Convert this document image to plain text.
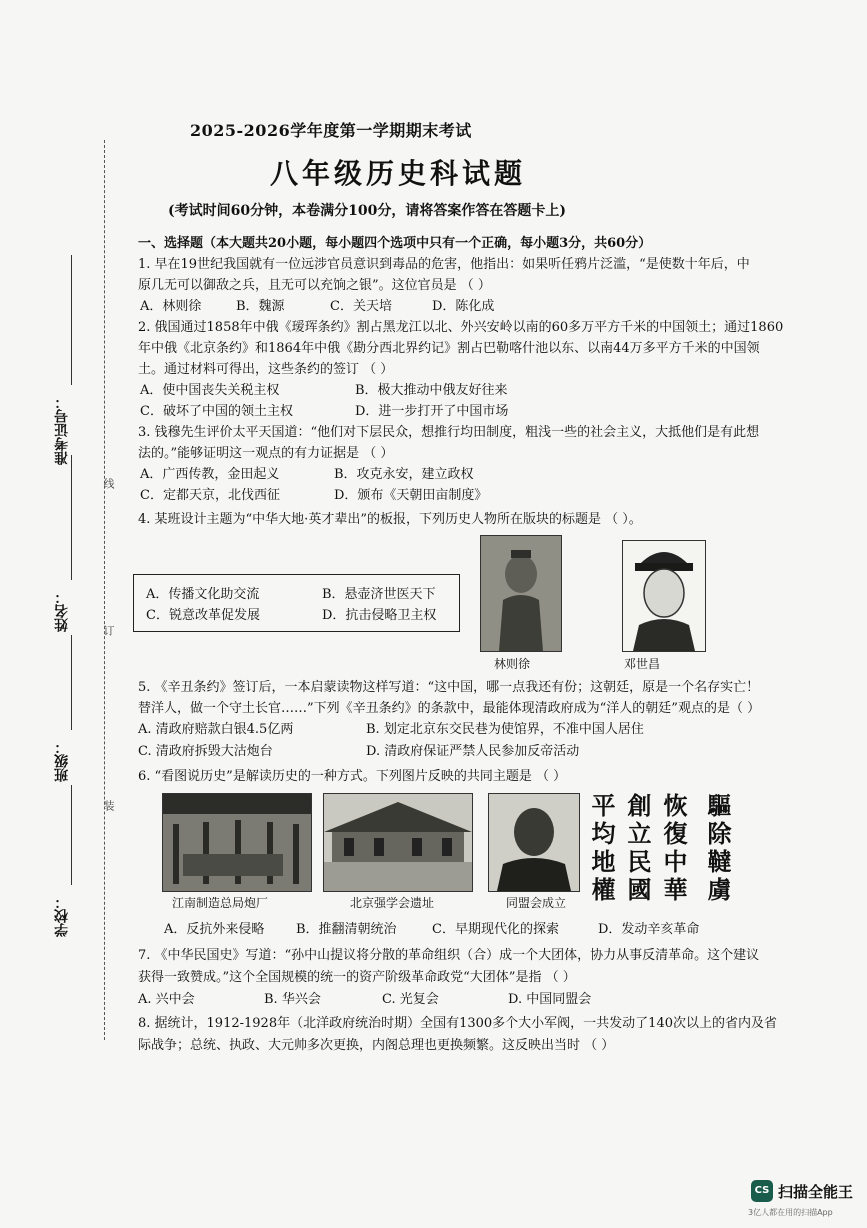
准考证号：
姓名：
班级：
学校：
线
订
装
2025-2026学年度第一学期期末考试
八年级历史科试题
(考试时间60分钟，本卷满分100分，请将答案作答在答题卡上)
一、选择题（本大题共20小题，每小题四个选项中只有一个正确，每小题3分，共60分）
1. 早在19世纪我国就有一位远涉官员意识到毒品的危害，他指出：如果听任鸦片泛滥，“是使数十年后，中
原几无可以御敌之兵，且无可以充饷之银”。这位官员是 （ ）
A．林则徐	B．魏源	C．关天培	D．陈化成
2. 俄国通过1858年中俄《瑷珲条约》割占黑龙江以北、外兴安岭以南的60多万平方千米的中国领土；通过1860
年中俄《北京条约》和1864年中俄《勘分西北界约记》割占巴勒喀什池以东、以南44万多平方千米的中国领
土。通过材料可得出，这些条约的签订 （ ）
A．使中国丧失关税主权	B．极大推动中俄友好往来
C．破坏了中国的领土主权	D．进一步打开了中国市场
3. 钱穆先生评价太平天国道：“他们对下层民众，想推行均田制度，粗浅一些的社会主义，大抵他们是有此想
法的。”能够证明这一观点的有力证据是 （ ）
A．广西传教，金田起义	B．攻克永安，建立政权
C．定都天京，北伐西征	D．颁布《天朝田亩制度》
4. 某班设计主题为“中华大地·英才辈出”的板报，下列历史人物所在版块的标题是 （ ）。
A．传播文化助交流	B．悬壶济世医天下
C．锐意改革促发展	D．抗击侵略卫主权
林则徐	邓世昌
5. 《辛丑条约》签订后，一本启蒙读物这样写道：“这中国，哪一点我还有份；这朝廷，原是一个名存实亡！
替洋人，做一个守土长官……”下列《辛丑条约》的条款中，最能体现清政府成为“洋人的朝廷”观点的是（ ）
A. 清政府赔款白银4.5亿两	B. 划定北京东交民巷为使馆界，不准中国人居住
C. 清政府拆毁大沽炮台	D. 清政府保证严禁人民参加反帝活动
6. “看图说历史”是解读历史的一种方式。下列图片反映的共同主题是 （ ）
江南制造总局炮厂	北京强学会遗址	同盟会成立	驅除韃虜
恢復中華
創立民國
平均地權
A．反抗外来侵略 B．推翻清朝统治	C．早期现代化的探索	D．发动辛亥革命
7. 《中华民国史》写道：“孙中山提议将分散的革命组织（合）成一个大团体，协力从事反清革命。这个建议
获得一致赞成。”这个全国规模的统一的资产阶级革命政党“大团体”是指 （ ）
A. 兴中会	B. 华兴会	C. 光复会	D. 中国同盟会
8. 据统计，1912-1928年（北洋政府统治时期）全国有1300多个大小军阀，一共发动了140次以上的省内及省
际战争；总统、执政、大元帅多次更换，内阁总理也更换频繁。这反映出当时 （ ）
CS 扫描全能王
3亿人都在用的扫描App
